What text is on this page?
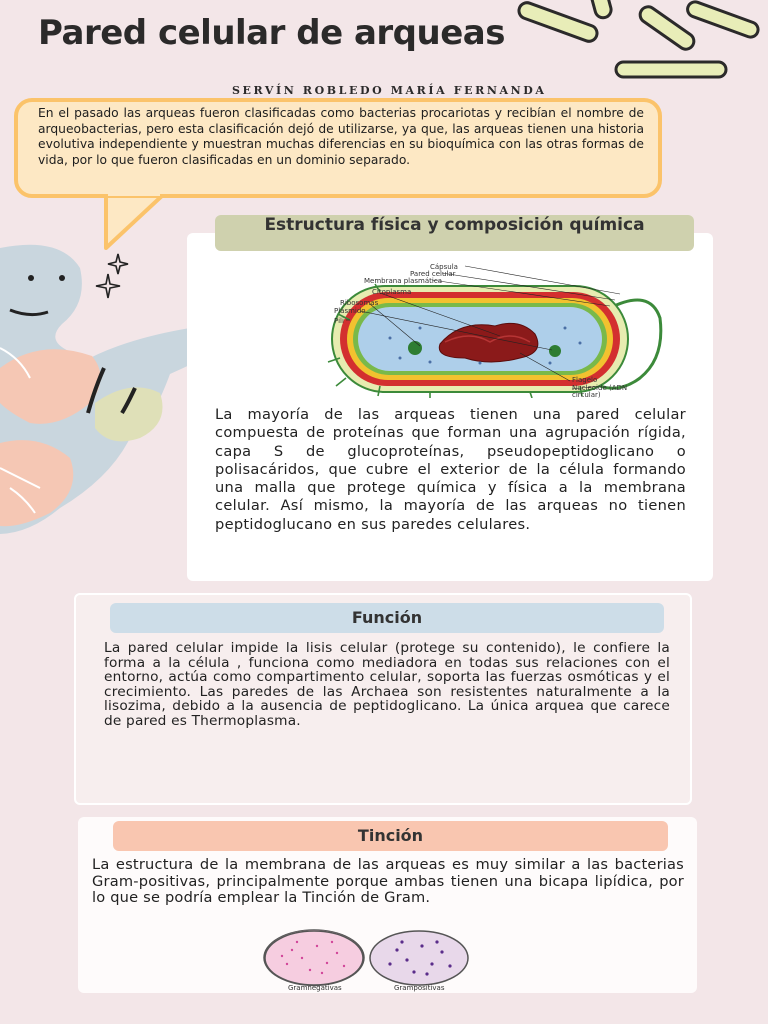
Pared celular de arqueas
SERVÍN ROBLEDO MARÍA FERNANDA
En el pasado las arqueas fueron clasificadas como bacterias procariotas y recibían el nombre de arqueobacterias, pero esta clasificación dejó de utilizarse, ya que, las arqueas tienen una historia evolutiva independiente y muestran muchas diferencias en su bioquímica con las otras formas de vida, por lo que fueron clasificadas en un dominio separado.
Estructura física y composición química
Cápsula
Pared celular
Membrana plasmática
Citoplasma
Ribosomas
Plásmido
Pili
Flagelo
Nucleoide (ADN
circular)
La mayoría de las arqueas tienen una pared celular compuesta de proteínas que forman una agrupación rígida, capa S de glucoproteínas, pseudopeptidoglicano o polisacáridos, que cubre el exterior de la célula formando una malla que protege química y física a la membrana celular. Así mismo, la mayoría de las arqueas no tienen peptidoglucano en sus paredes celulares.
Función
La pared celular impide la lisis celular (protege su contenido), le confiere la forma a la célula , funciona como mediadora en todas sus relaciones con el entorno, actúa como compartimento celular, soporta las fuerzas osmóticas y el crecimiento. Las paredes de las Archaea son resistentes naturalmente a la lisozima, debido a la ausencia de peptidoglicano. La única arquea que carece de pared es Thermoplasma.
Tinción
La estructura de la membrana de las arqueas es muy similar a las bacterias Gram-positivas, principalmente porque ambas tienen una bicapa lipídica, por lo que se podría emplear la Tinción de Gram.
Gramnegativas	Grampositivas
